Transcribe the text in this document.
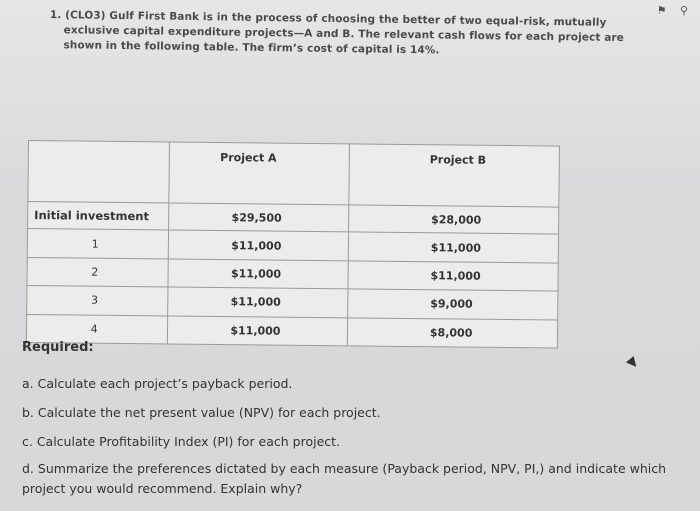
⚑ ⚲
1. (CLO3) Gulf First Bank is in the process of choosing the better of two equal-risk, mutually
exclusive capital expenditure projects—A and B. The relevant cash flows for each project are
shown in the following table. The firm’s cost of capital is 14%.
	Project A	Project B
Initial investment	$29,500	$28,000
1	$11,000	$11,000
2	$11,000	$11,000
3	$11,000	$9,000
4	$11,000	$8,000
Required:
a. Calculate each project’s payback period.
b. Calculate the net present value (NPV) for each project.
c. Calculate Profitability Index (PI) for each project.
d. Summarize the preferences dictated by each measure (Payback period, NPV, PI,) and indicate which project you would recommend. Explain why?
